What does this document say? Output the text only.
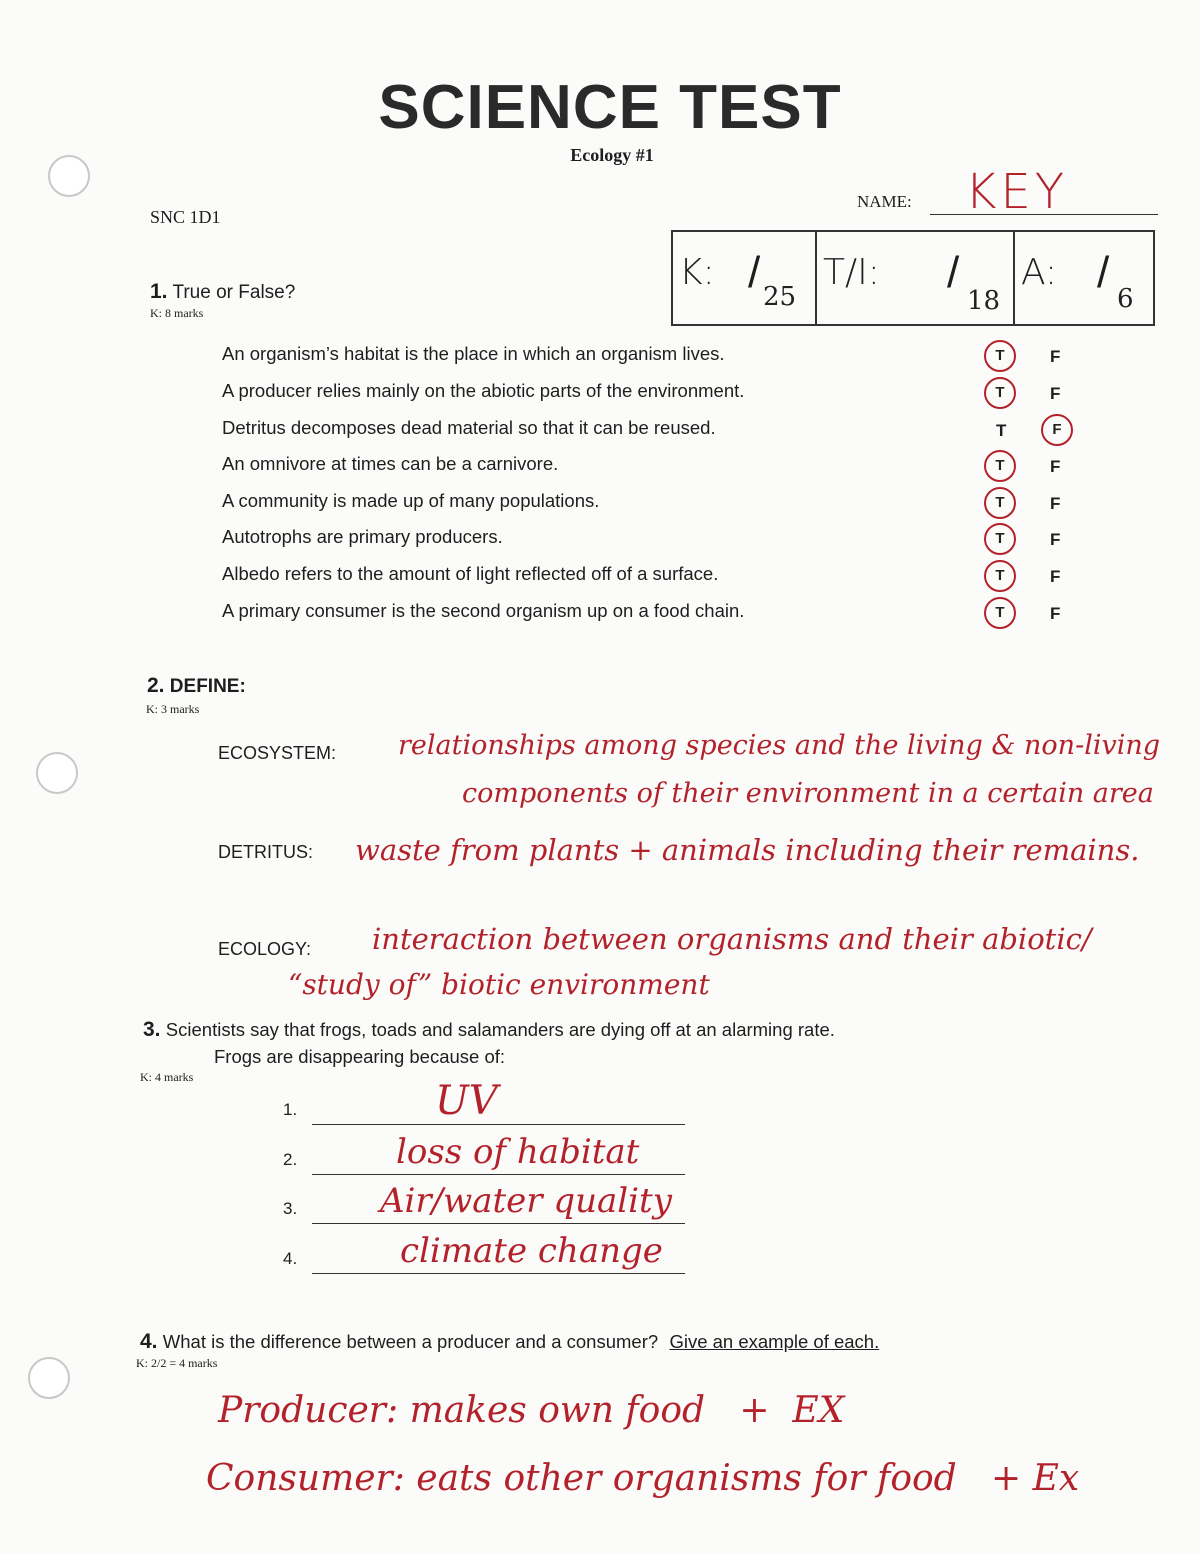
SCIENCE TEST
Ecology #1
SNC 1D1
NAME: KEY
K:
25
/ T/I:
18
/ A:
6
/
1. True or False?
K: 8 marks
An organism’s habitat is the place in which an organism lives.	T	F
A producer relies mainly on the abiotic parts of the environment.	T	F
Detritus decomposes dead material so that it can be reused.	T	F
An omnivore at times can be a carnivore.	T	F
A community is made up of many populations.	T	F
Autotrophs are primary producers.	T	F
Albedo refers to the amount of light reflected off of a surface.	T	F
A primary consumer is the second organism up on a food chain.	T	F
2. DEFINE:
K: 3 marks
ECOSYSTEM: relationships among species and the living & non-living
components of their environment in a certain area
DETRITUS: waste from plants + animals including their remains.
ECOLOGY: interaction between organisms and their abiotic/
“study of” biotic environment
3. Scientists say that frogs, toads and salamanders are dying off at an alarming rate.
Frogs are disappearing because of:
K: 4 marks
1.	UV
2.	loss of habitat
3. Air/water quality
4.	climate change
4. What is the difference between a producer and a consumer? Give an example of each.
K: 2/2 = 4 marks
Producer: makes own food   +  EX
Consumer: eats other organisms for food   + Ex
